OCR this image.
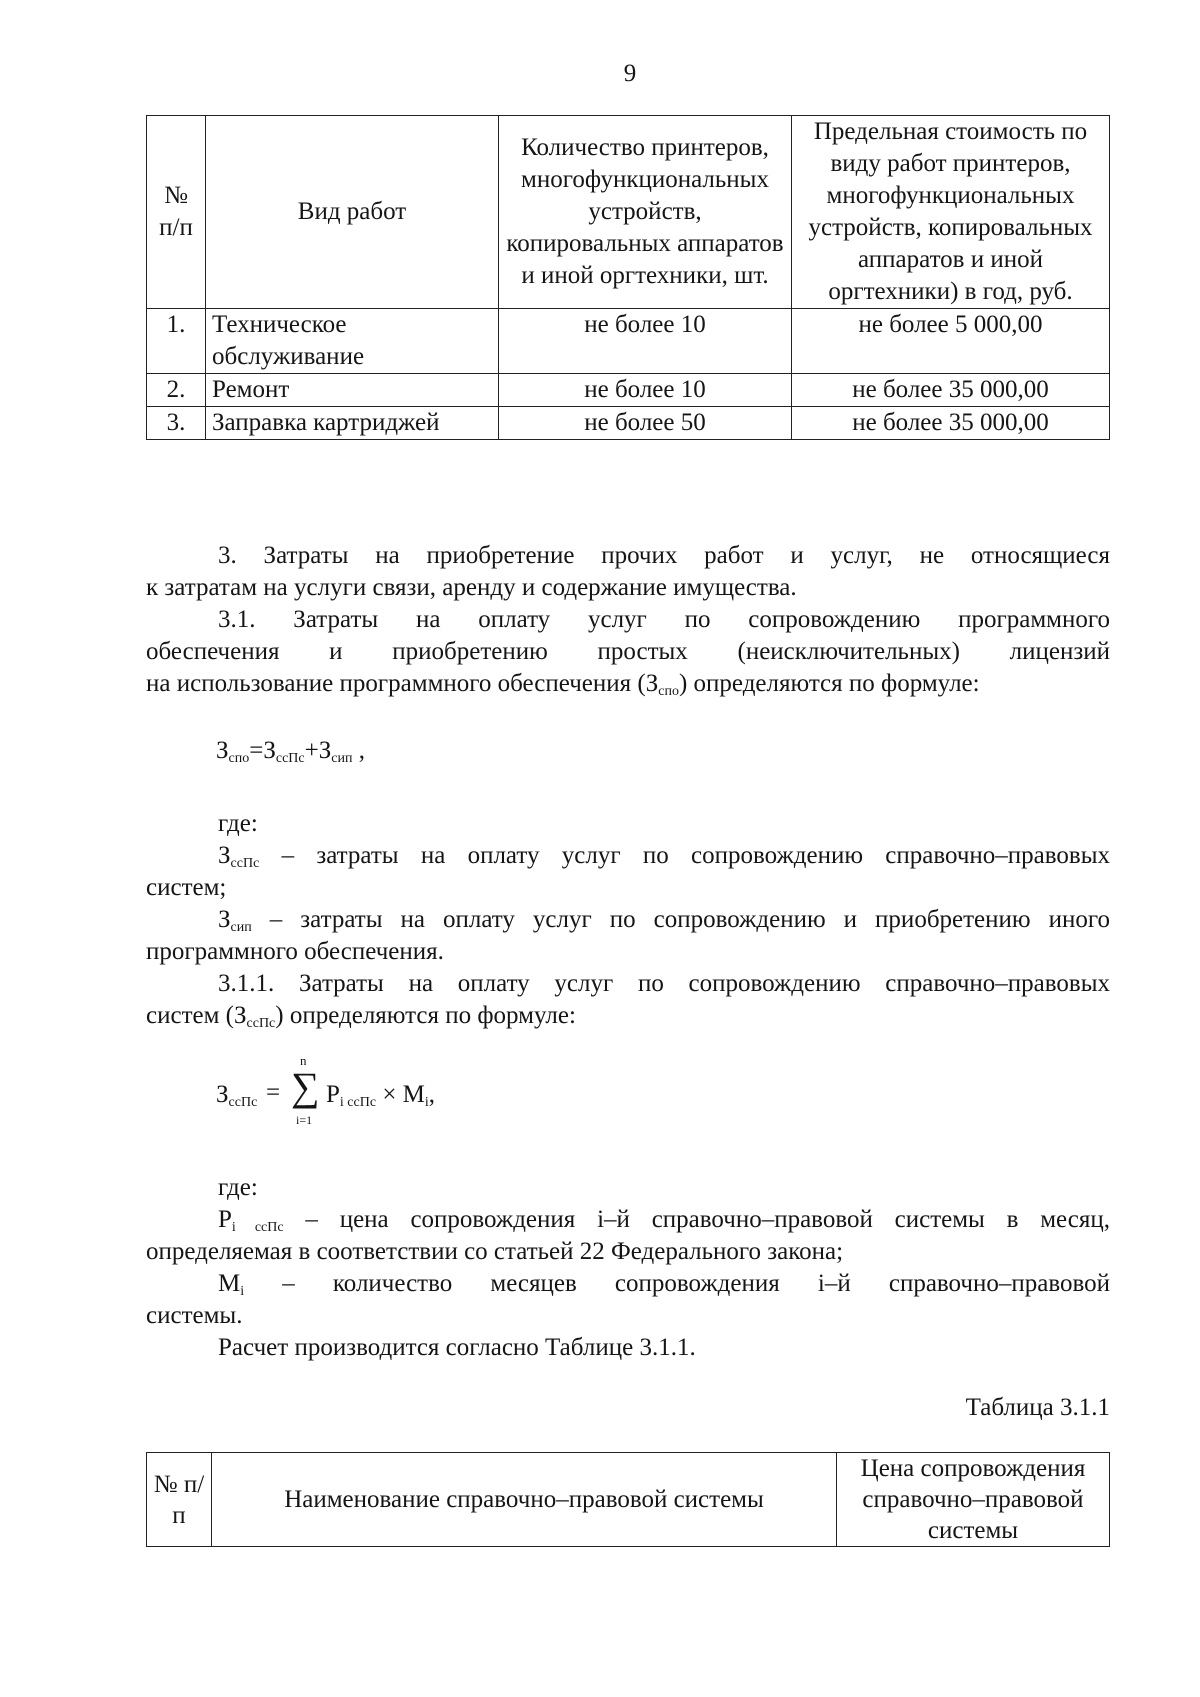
9
№ п/п	Вид работ	Количество принтеров, многофункциональных устройств, копировальных аппаратов и иной оргтехники, шт.	Предельная стоимость по виду работ принтеров, многофункциональных устройств, копировальных аппаратов и иной оргтехники) в год, руб.
1.	Техническое обслуживание	не более 10	не более 5 000,00
2.	Ремонт	не более 10	не более 35 000,00
3.	Заправка картриджей	не более 50	не более 35 000,00
3. Затраты на приобретение прочих работ и услуг, не относящиеся
к затратам на услуги связи, аренду и содержание имущества.
3.1. Затраты на оплату услуг по сопровождению программного
обеспечения и приобретению простых (неисключительных) лицензий
на использование программного обеспечения $(З_{спо})$ определяются по формуле:
$З_{спо}=З_{ссПс}+З_{сип}$ ,
где:
$З_{ссПс}$ – затраты на оплату услуг по сопровождению справочно–правовых
систем;
$З_{сип}$ – затраты на оплату услуг по сопровождению и приобретению иного
программного обеспечения.
3.1.1. Затраты на оплату услуг по сопровождению справочно–правовых
систем $(З_{ссПс})$ определяются по формуле:
$З_{ссПс}$ =
n
∑
i=1
$P_{i ссПс} \times M_i$,
где:
$P_{i ссПс}$ – цена сопровождения i–й справочно–правовой системы в месяц,
определяемая в соответствии со статьей 22 Федерального закона;
$M_i$ – количество месяцев сопровождения i–й справочно–правовой
системы.
Расчет производится согласно Таблице 3.1.1.
Таблица 3.1.1
№ п/п	Наименование справочно–правовой системы	Цена сопровождения справочно–правовой системы
